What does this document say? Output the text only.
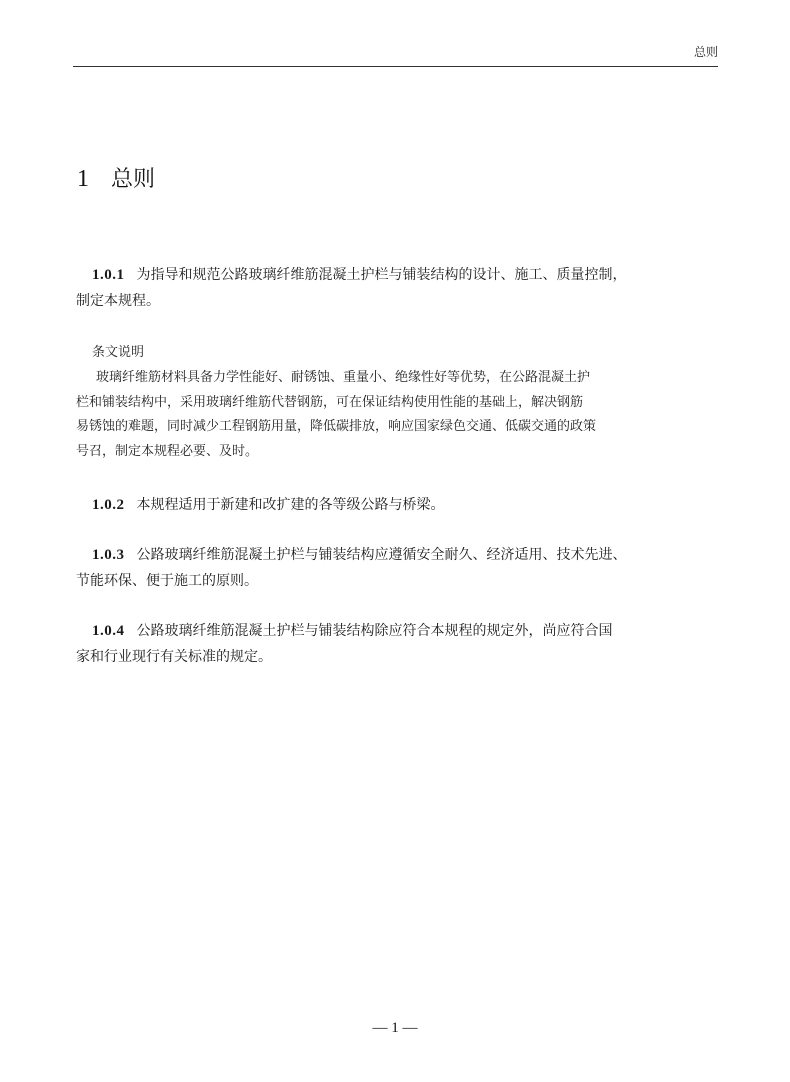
总则
1 总则
1.0.1 为指导和规范公路玻璃纤维筋混凝土护栏与铺装结构的设计、施工、质量控制，
制定本规程。
条文说明
玻璃纤维筋材料具备力学性能好、耐锈蚀、重量小、绝缘性好等优势，在公路混凝土护
栏和铺装结构中，采用玻璃纤维筋代替钢筋，可在保证结构使用性能的基础上，解决钢筋
易锈蚀的难题，同时减少工程钢筋用量，降低碳排放，响应国家绿色交通、低碳交通的政策
号召，制定本规程必要、及时。
1.0.2 本规程适用于新建和改扩建的各等级公路与桥梁。
1.0.3 公路玻璃纤维筋混凝土护栏与铺装结构应遵循安全耐久、经济适用、技术先进、
节能环保、便于施工的原则。
1.0.4 公路玻璃纤维筋混凝土护栏与铺装结构除应符合本规程的规定外，尚应符合国
家和行业现行有关标准的规定。
— 1 —
